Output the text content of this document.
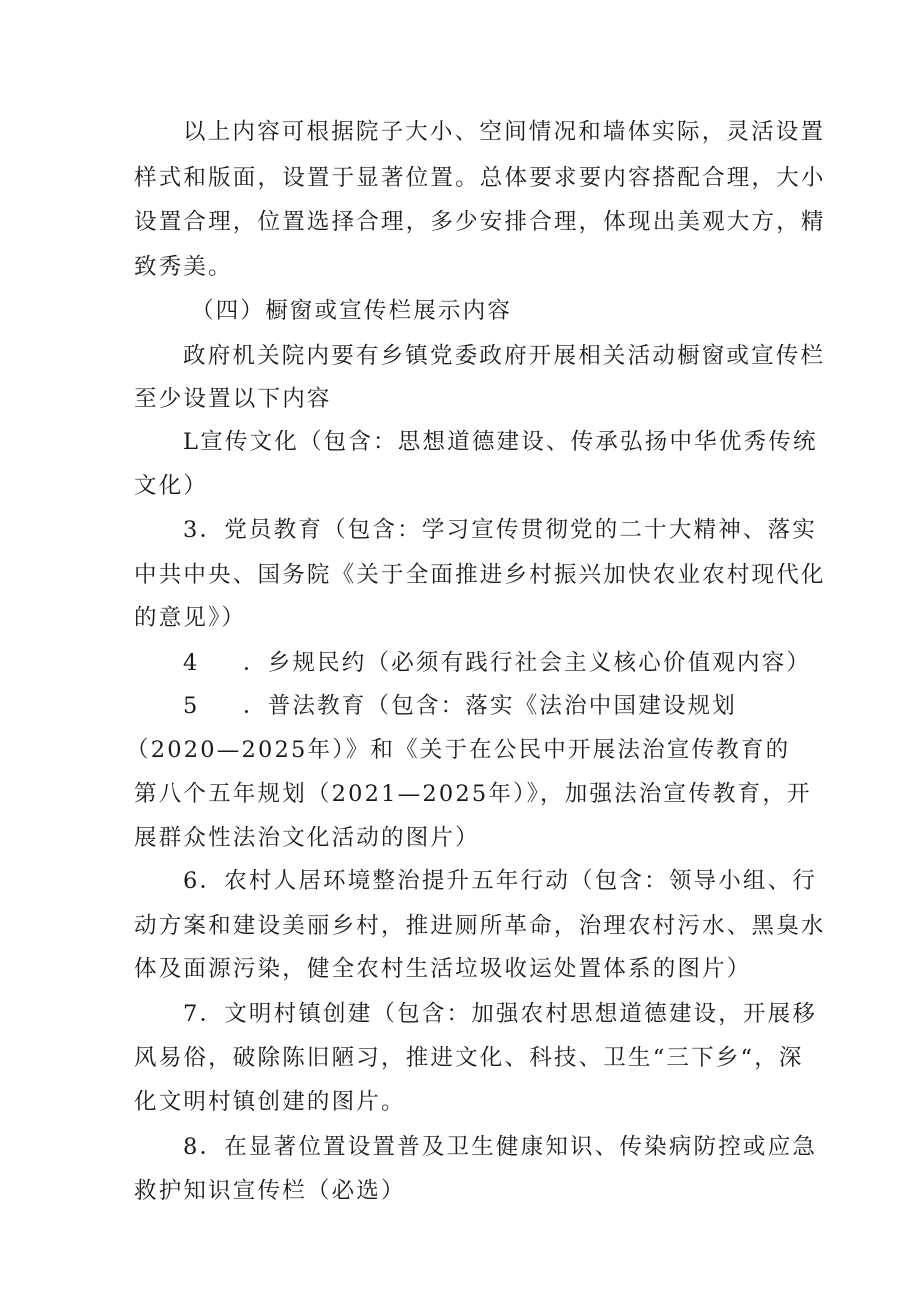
以上内容可根据院子大小、空间情况和墙体实际，灵活设置
样式和版面，设置于显著位置。总体要求要内容搭配合理，大小
设置合理，位置选择合理，多少安排合理，体现出美观大方，精
致秀美。
（四）橱窗或宣传栏展示内容
政府机关院内要有乡镇党委政府开展相关活动橱窗或宣传栏
至少设置以下内容
L宣传文化（包含：思想道德建设、传承弘扬中华优秀传统
文化）
3．党员教育（包含：学习宣传贯彻党的二十大精神、落实
中共中央、国务院《关于全面推进乡村振兴加快农业农村现代化
的意见》）
4 ．乡规民约（必须有践行社会主义核心价值观内容）
5 ．普法教育（包含：落实《法治中国建设规划
（2020—2025年）》和《关于在公民中开展法治宣传教育的
第八个五年规划（2021—2025年）》，加强法治宣传教育，开
展群众性法治文化活动的图片）
6．农村人居环境整治提升五年行动（包含：领导小组、行
动方案和建设美丽乡村，推进厕所革命，治理农村污水、黑臭水
体及面源污染，健全农村生活垃圾收运处置体系的图片）
7．文明村镇创建（包含：加强农村思想道德建设，开展移
风易俗，破除陈旧陋习，推进文化、科技、卫生“三下乡“，深
化文明村镇创建的图片。
8．在显著位置设置普及卫生健康知识、传染病防控或应急
救护知识宣传栏（必选）
